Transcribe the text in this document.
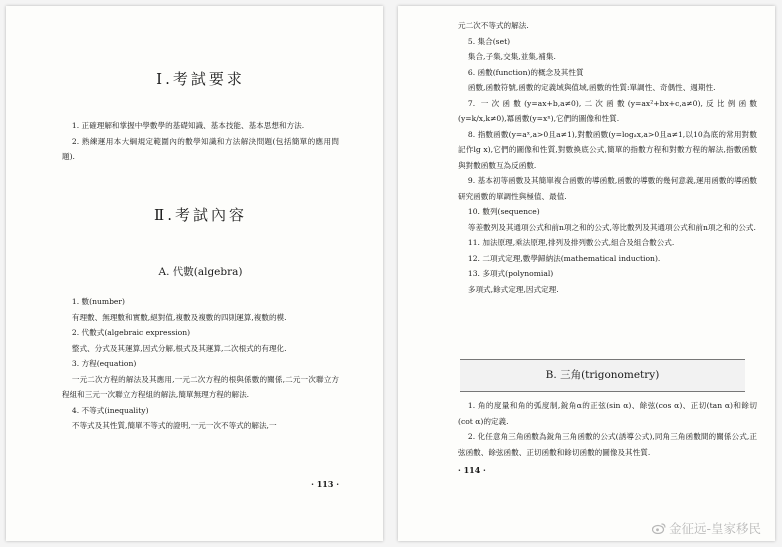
Ⅰ.考試要求
1. 正確理解和掌握中學數學的基礎知識、基本技能、基本思想和方法.
2. 熟練運用本大綱規定範圍內的數學知識和方法解決問題(包括簡單的應用問題).
Ⅱ.考試內容
A. 代數(algebra)
1. 數(number)
有理數、無理數和實數,絕對值,複數及複數的四則運算,複數的模.
2. 代數式(algebraic expression)
整式、分式及其運算,因式分解,根式及其運算,二次根式的有理化.
3. 方程(equation)
一元二次方程的解法及其應用,一元二次方程的根與係數的關係,二元一次聯立方程組和三元一次聯立方程組的解法,簡單無理方程的解法.
4. 不等式(inequality)
不等式及其性質,簡單不等式的證明,一元一次不等式的解法,一
· 113 ·
元二次不等式的解法.
5. 集合(set)
集合,子集,交集,並集,補集.
6. 函數(function)的概念及其性質
函數,函數符號,函數的定義域與值域,函數的性質:單調性、奇偶性、週期性.
7. 一次函數(y=ax+b,a≠0),二次函數(y=ax²+bx+c,a≠0),反比例函數(y=k/x,k≠0),冪函數(y=xⁿ),它們的圖像和性質.
8. 指數函數(y=aˣ,a>0且a≠1),對數函數(y=logₐx,a>0且a≠1,以10為底的常用對數記作lg x),它們的圖像和性質,對數換底公式,簡單的指數方程和對數方程的解法,指數函數與對數函數互為反函數.
9. 基本初等函數及其簡單複合函數的導函數,函數的導數的幾何意義,運用函數的導函數研究函數的單調性與極值、最值.
10. 數列(sequence)
等差數列及其通項公式和前n項之和的公式,等比數列及其通項公式和前n項之和的公式.
11. 加法原理,乘法原理,排列及排列數公式,組合及組合數公式.
12. 二項式定理,數學歸納法(mathematical induction).
13. 多項式(polynomial)
多項式,餘式定理,因式定理.
B. 三角(trigonometry)
1. 角的度量和角的弧度制,銳角α的正弦(sin α)、餘弦(cos α)、正切(tan α)和餘切(cot α)的定義.
2. 化任意角三角函數為銳角三角函數的公式(誘導公式),同角三角函數間的關係公式,正弦函數、餘弦函數、正切函數和餘切函數的圖像及其性質.
· 114 ·
金征远-皇家移民
